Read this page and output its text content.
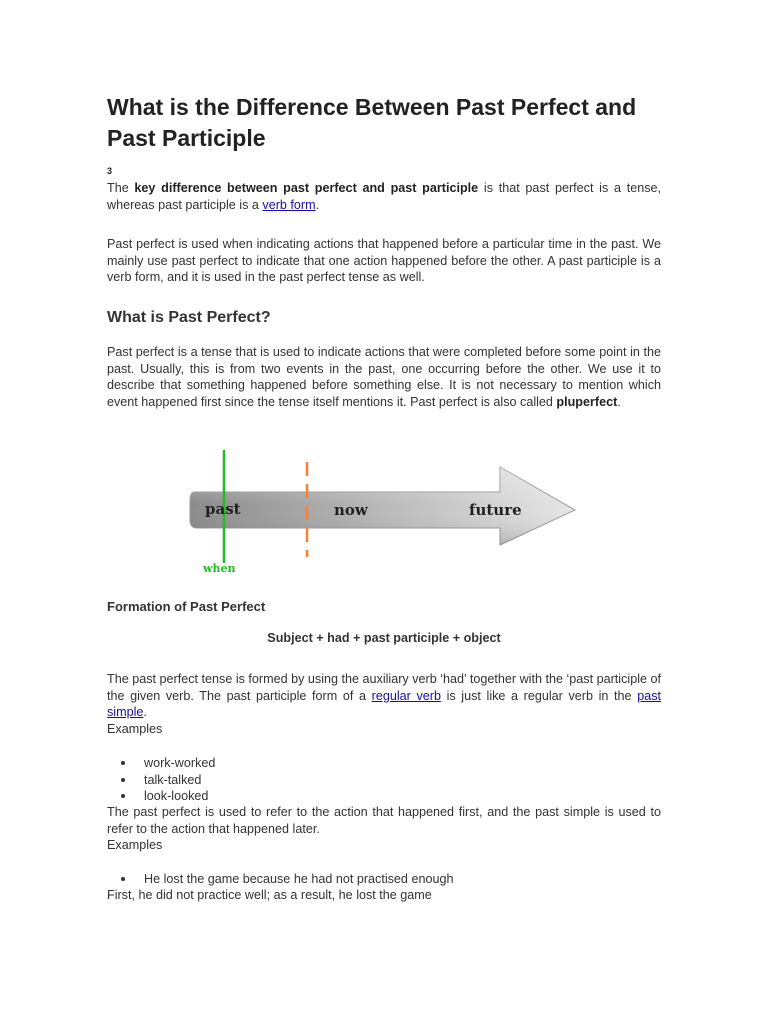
What is the Difference Between Past Perfect and Past Participle
3

The key difference between past perfect and past participle is that past perfect is a tense, whereas past participle is a verb form.

Past perfect is used when indicating actions that happened before a particular time in the past. We mainly use past perfect to indicate that one action happened before the other. A past participle is a verb form, and it is used in the past perfect tense as well.

What is Past Perfect?

Past perfect is a tense that is used to indicate actions that were completed before some point in the past. Usually, this is from two events in the past, one occurring before the other. We use it to describe that something happened before something else. It is not necessary to mention which event happened first since the tense itself mentions it. Past perfect is also called pluperfect.

past	now	future
when
Formation of Past Perfect
Subject + had + past participle + object

The past perfect tense is formed by using the auxiliary verb ‘had’ together with the ‘past participle of the given verb. The past participle form of a regular verb is just like a regular verb in the past simple.
Examples

work-worked
talk-talked
look-looked

The past perfect is used to refer to the action that happened first, and the past simple is used to refer to the action that happened later.
Examples

He lost the game because he had not practised enough

First, he did not practice well; as a result, he lost the game
